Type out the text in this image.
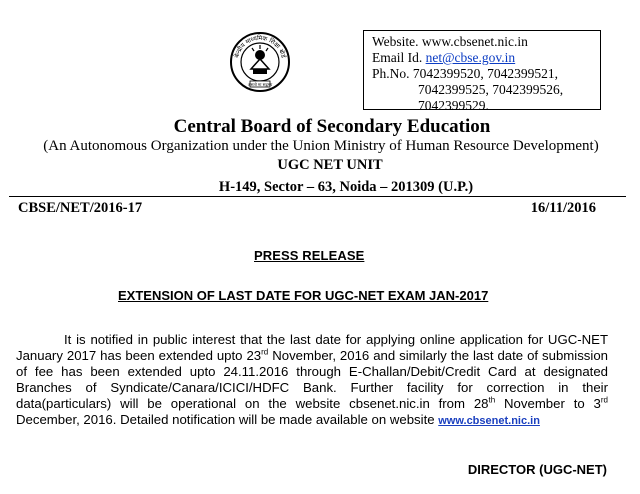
केन्द्रीय माध्यमिक शिक्षा बोर्ड
असतो मा सद्गमय
Website. www.cbsenet.nic.in
Email Id. net@cbse.gov.in
Ph.No. 7042399520, 7042399521,
7042399525, 7042399526,
7042399529.
Central Board of Secondary Education
(An Autonomous Organization under the Union Ministry of Human Resource Development)
UGC NET UNIT
H-149, Sector – 63, Noida – 201309 (U.P.)
CBSE/NET/2016-17	16/11/2016
PRESS RELEASE
EXTENSION OF LAST DATE FOR UGC-NET EXAM JAN-2017

It is notified in public interest that the last date for applying online application for UGC-NET January 2017 has been extended upto 23rd November, 2016 and similarly the last date of submission of fee has been extended upto 24.11.2016 through E-Challan/Debit/Credit Card at designated Branches of Syndicate/Canara/ICICI/HDFC Bank. Further facility for correction in their data(particulars) will be operational on the website cbsenet.nic.in from 28th November to 3rd December, 2016. Detailed notification will be made available on website www.cbsenet.nic.in

DIRECTOR (UGC-NET)
